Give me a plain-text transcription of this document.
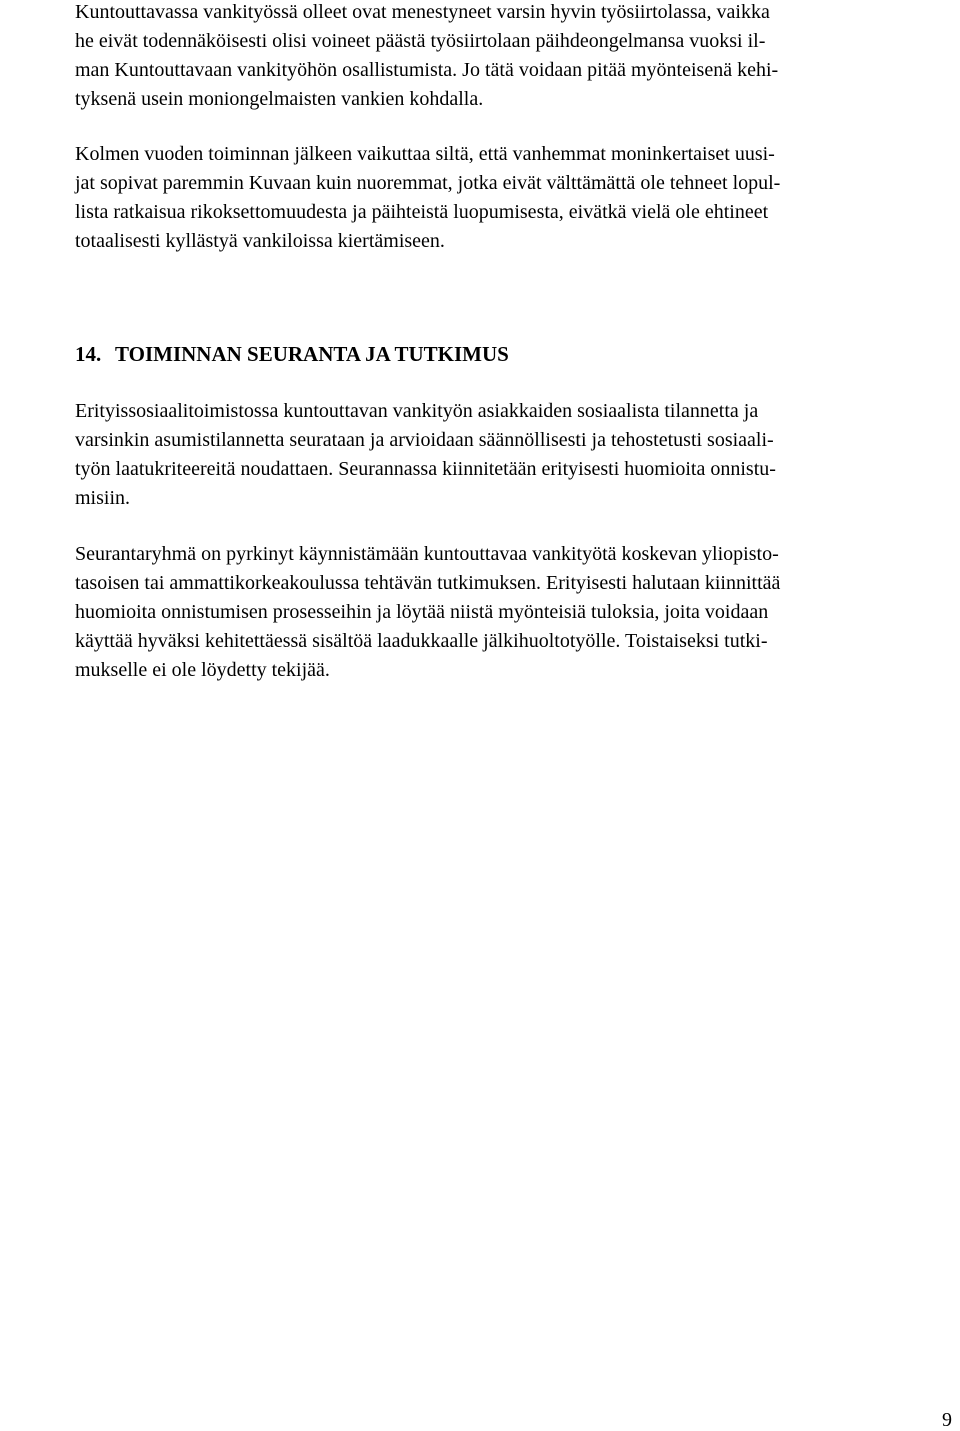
Kuntouttavassa vankityössä olleet ovat menestyneet varsin hyvin työsiirtolassa, vaikka
he eivät todennäköisesti olisi voineet päästä työsiirtolaan päihdeongelmansa vuoksi il-
man Kuntouttavaan vankityöhön osallistumista. Jo tätä voidaan pitää myönteisenä kehi-
tyksenä usein moniongelmaisten vankien kohdalla.

Kolmen vuoden toiminnan jälkeen vaikuttaa siltä, että vanhemmat moninkertaiset uusi-
jat sopivat paremmin Kuvaan kuin nuoremmat, jotka eivät välttämättä ole tehneet lopul-
lista ratkaisua rikoksettomuudesta ja päihteistä luopumisesta, eivätkä vielä ole ehtineet
totaalisesti kyllästyä vankiloissa kiertämiseen.

14. TOIMINNAN SEURANTA JA TUTKIMUS

Erityissosiaalitoimistossa kuntouttavan vankityön asiakkaiden sosiaalista tilannetta ja
varsinkin asumistilannetta seurataan ja arvioidaan säännöllisesti ja tehostetusti sosiaali-
työn laatukriteereitä noudattaen. Seurannassa kiinnitetään erityisesti huomioita onnistu-
misiin.

Seurantaryhmä on pyrkinyt käynnistämään kuntouttavaa vankityötä koskevan yliopisto-
tasoisen tai ammattikorkeakoulussa tehtävän tutkimuksen. Erityisesti halutaan kiinnittää
huomioita onnistumisen prosesseihin ja löytää niistä myönteisiä tuloksia, joita voidaan
käyttää hyväksi kehitettäessä sisältöä laadukkaalle jälkihuoltotyölle. Toistaiseksi tutki-
mukselle ei ole löydetty tekijää.

9
